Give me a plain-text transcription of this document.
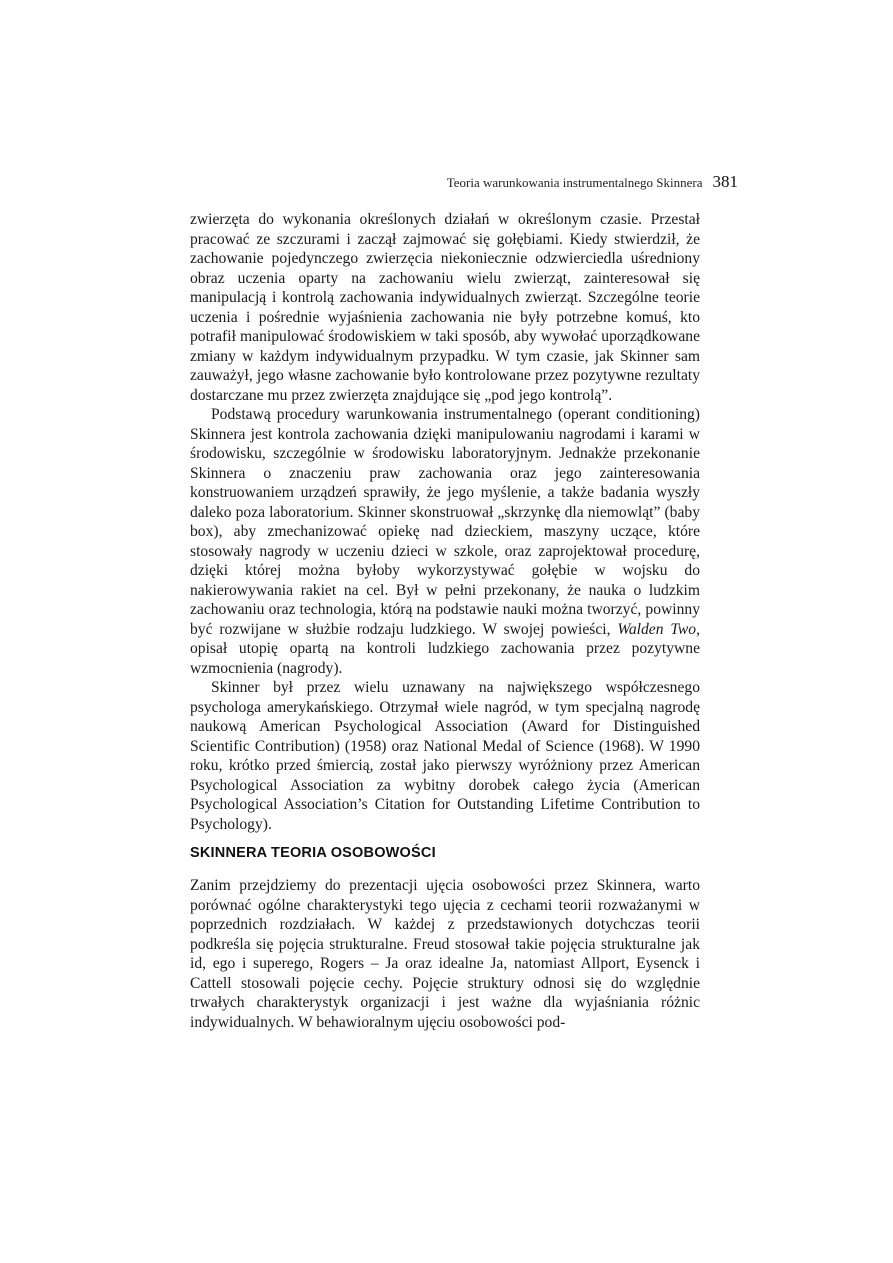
Teoria warunkowania instrumentalnego Skinnera 381

zwierzęta do wykonania określonych działań w określonym czasie. Przestał pracować ze szczurami i zaczął zajmować się gołębiami. Kiedy stwierdził, że zachowanie pojedynczego zwierzęcia niekoniecznie odzwierciedla uśredniony obraz uczenia oparty na zachowaniu wielu zwierząt, zainteresował się manipulacją i kontrolą zachowania indywidualnych zwierząt. Szczególne teorie uczenia i pośrednie wyjaśnienia zachowania nie były potrzebne komuś, kto potrafił manipulować środowiskiem w taki sposób, aby wywołać uporządkowane zmiany w każdym indywidualnym przypadku. W tym czasie, jak Skinner sam zauważył, jego własne zachowanie było kontrolowane przez pozytywne rezultaty dostarczane mu przez zwierzęta znajdujące się „pod jego kontrolą”.

Podstawą procedury warunkowania instrumentalnego (operant conditioning) Skinnera jest kontrola zachowania dzięki manipulowaniu nagrodami i karami w środowisku, szczególnie w środowisku laboratoryjnym. Jednakże przekonanie Skinnera o znaczeniu praw zachowania oraz jego zainteresowania konstruowaniem urządzeń sprawiły, że jego myślenie, a także badania wyszły daleko poza laboratorium. Skinner skonstruował „skrzynkę dla niemowląt” (baby box), aby zmechanizować opiekę nad dzieckiem, maszyny uczące, które stosowały nagrody w uczeniu dzieci w szkole, oraz zaprojektował procedurę, dzięki której można byłoby wykorzystywać gołębie w wojsku do nakierowywania rakiet na cel. Był w pełni przekonany, że nauka o ludzkim zachowaniu oraz technologia, którą na podstawie nauki można tworzyć, powinny być rozwijane w służbie rodzaju ludzkiego. W swojej powieści, Walden Two, opisał utopię opartą na kontroli ludzkiego zachowania przez pozytywne wzmocnienia (nagrody).

Skinner był przez wielu uznawany na największego współczesnego psychologa amerykańskiego. Otrzymał wiele nagród, w tym specjalną nagrodę naukową American Psychological Association (Award for Distinguished Scientific Contribution) (1958) oraz National Medal of Science (1968). W 1990 roku, krótko przed śmiercią, został jako pierwszy wyróżniony przez American Psychological Association za wybitny dorobek całego życia (American Psychological Association’s Citation for Outstanding Lifetime Contribution to Psychology).

SKINNERA TEORIA OSOBOWOŚCI

Zanim przejdziemy do prezentacji ujęcia osobowości przez Skinnera, warto porównać ogólne charakterystyki tego ujęcia z cechami teorii rozważanymi w poprzednich rozdziałach. W każdej z przedstawionych dotychczas teorii podkreśla się pojęcia strukturalne. Freud stosował takie pojęcia strukturalne jak id, ego i superego, Rogers – Ja oraz idealne Ja, natomiast Allport, Eysenck i Cattell stosowali pojęcie cechy. Pojęcie struktury odnosi się do względnie trwałych charakterystyk organizacji i jest ważne dla wyjaśniania różnic indywidualnych. W behawioralnym ujęciu osobowości pod-
